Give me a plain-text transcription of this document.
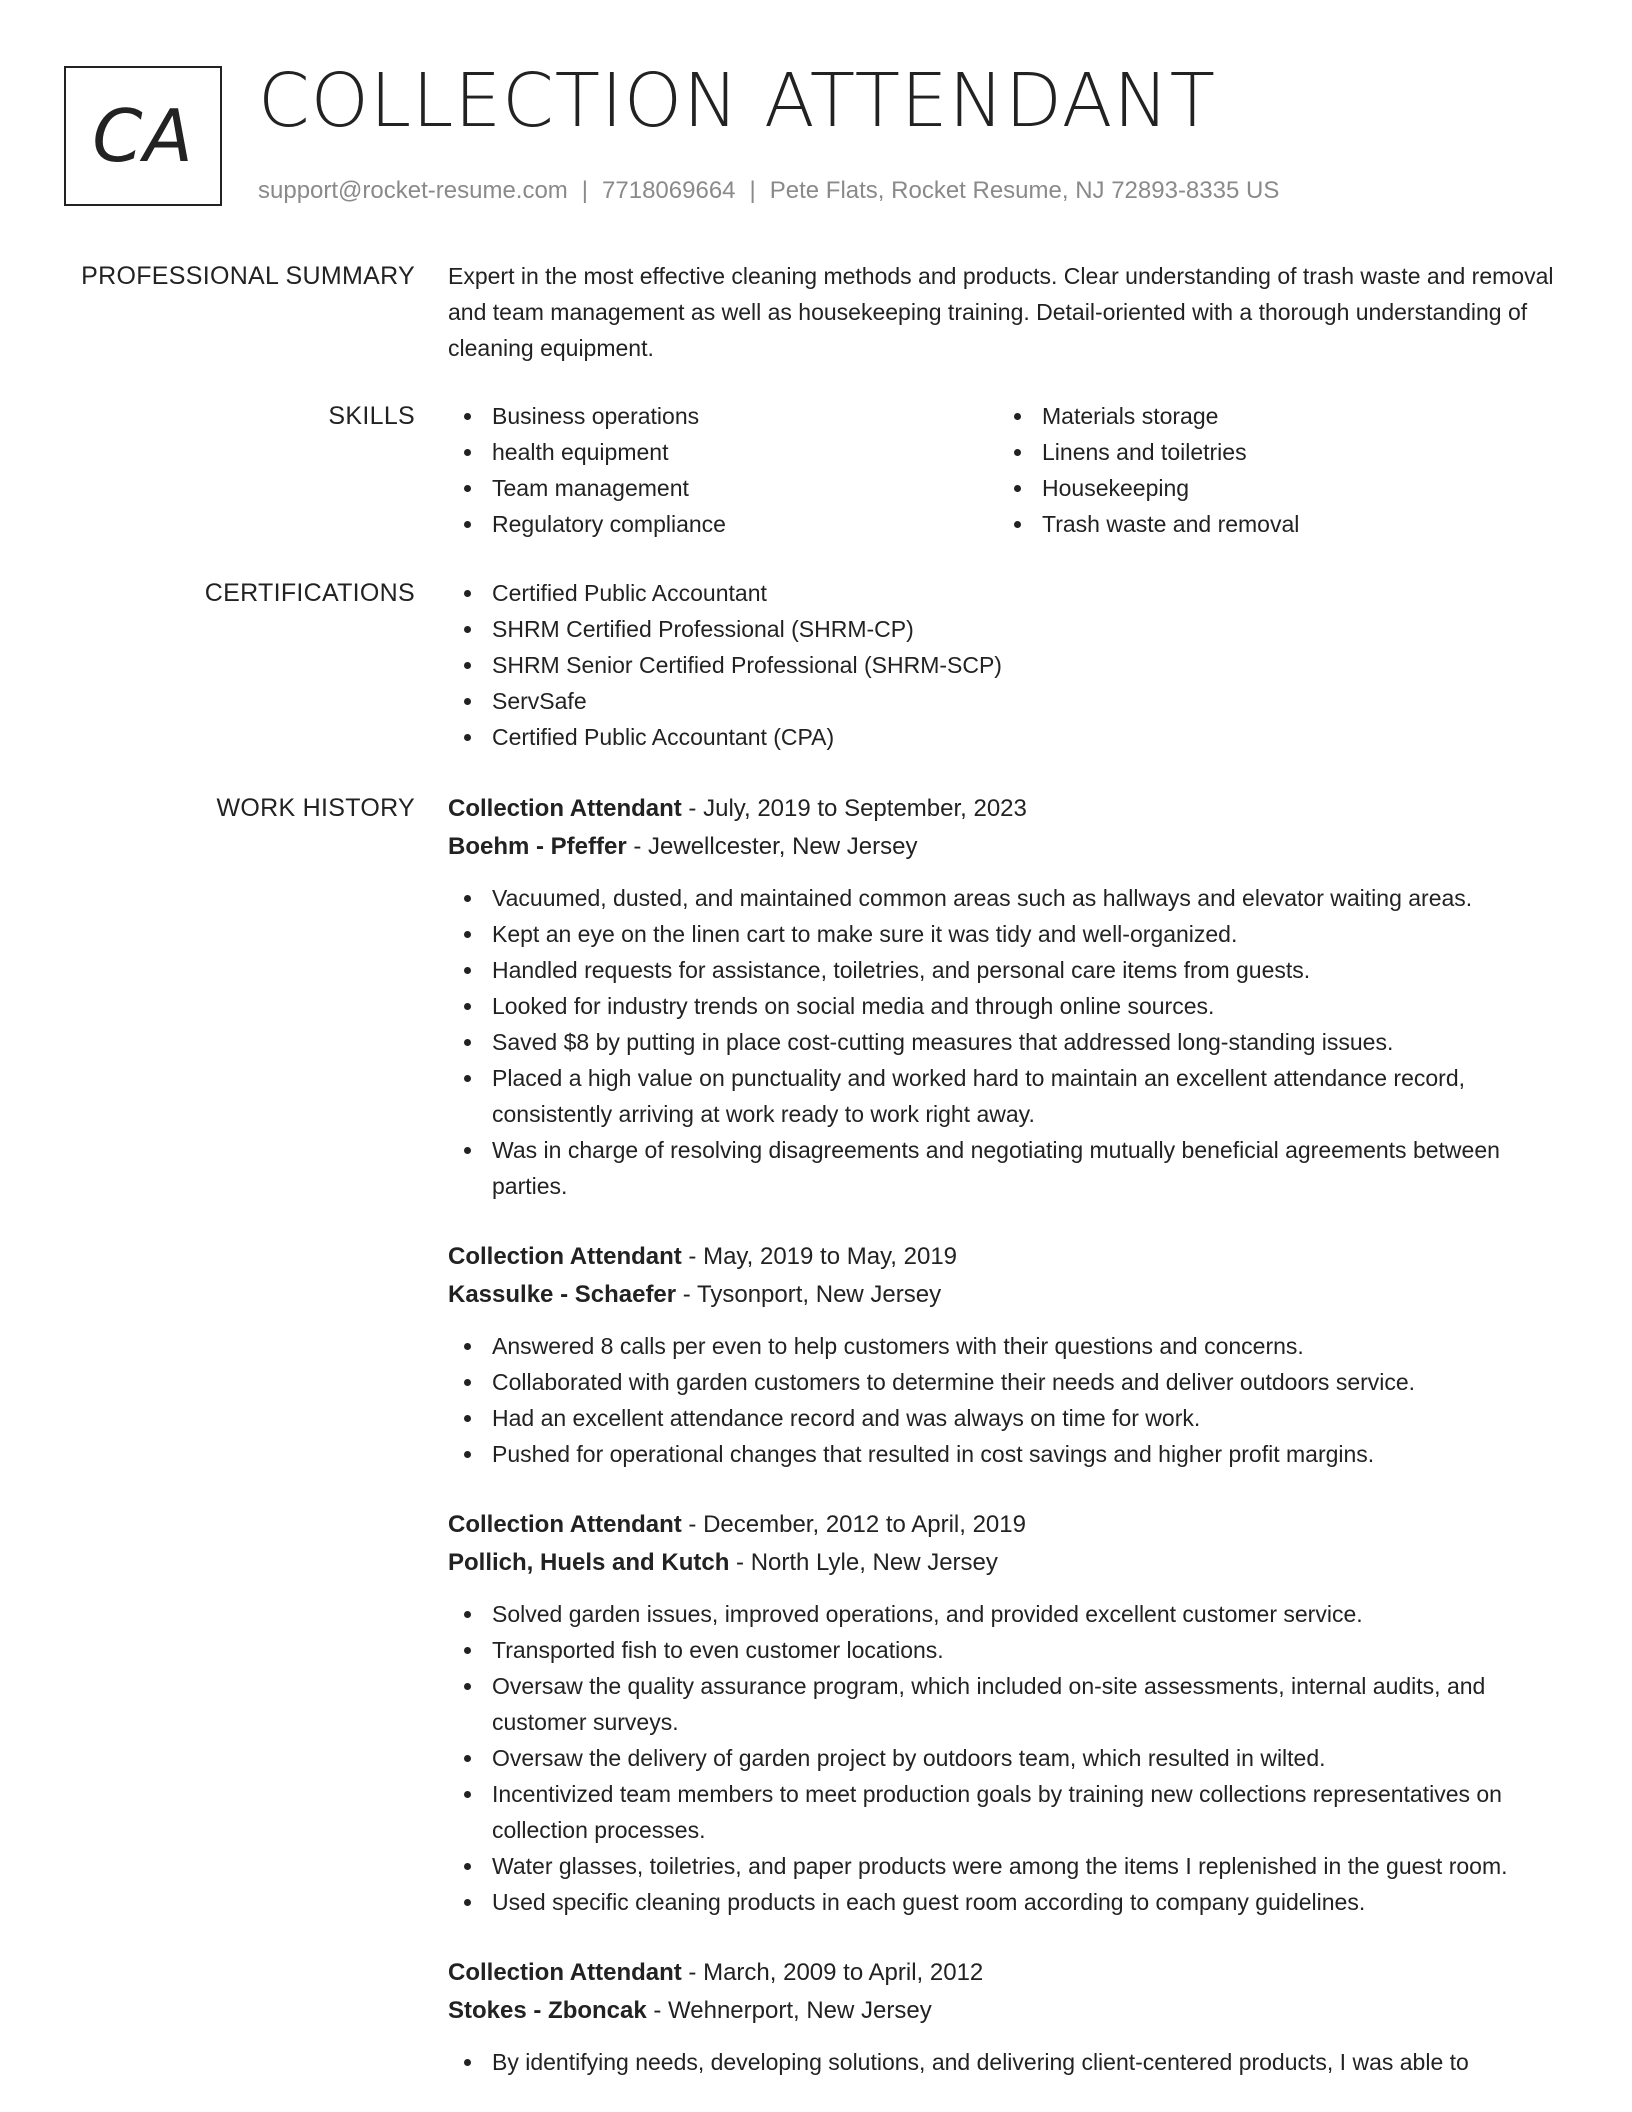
CA COLLECTION ATTENDANT
support@rocket-resume.com | 7718069664 | Pete Flats, Rocket Resume, NJ 72893-8335 US
PROFESSIONAL SUMMARY Expert in the most effective cleaning methods and products. Clear understanding of trash waste and removal and team management as well as housekeeping training. Detail-oriented with a thorough understanding of cleaning equipment.

SKILLS	Business operations
health equipment
Team management
Regulatory compliance
Materials storage
Linens and toiletries
Housekeeping
Trash waste and removal
CERTIFICATIONS	Certified Public Accountant
SHRM Certified Professional (SHRM-CP)
SHRM Senior Certified Professional (SHRM-SCP)
ServSafe
Certified Public Accountant (CPA)
WORK HISTORY Collection Attendant - July, 2019 to September, 2023
Boehm - Pfeffer - Jewellcester, New Jersey
Vacuumed, dusted, and maintained common areas such as hallways and elevator waiting areas.
Kept an eye on the linen cart to make sure it was tidy and well-organized.
Handled requests for assistance, toiletries, and personal care items from guests.
Looked for industry trends on social media and through online sources.
Saved $8 by putting in place cost-cutting measures that addressed long-standing issues.
Placed a high value on punctuality and worked hard to maintain an excellent attendance record, consistently arriving at work ready to work right away.
Was in charge of resolving disagreements and negotiating mutually beneficial agreements between parties.
Collection Attendant - May, 2019 to May, 2019
Kassulke - Schaefer - Tysonport, New Jersey
Answered 8 calls per even to help customers with their questions and concerns.
Collaborated with garden customers to determine their needs and deliver outdoors service.
Had an excellent attendance record and was always on time for work.
Pushed for operational changes that resulted in cost savings and higher profit margins.
Collection Attendant - December, 2012 to April, 2019
Pollich, Huels and Kutch - North Lyle, New Jersey
Solved garden issues, improved operations, and provided excellent customer service.
Transported fish to even customer locations.
Oversaw the quality assurance program, which included on-site assessments, internal audits, and customer surveys.
Oversaw the delivery of garden project by outdoors team, which resulted in wilted.
Incentivized team members to meet production goals by training new collections representatives on collection processes.
Water glasses, toiletries, and paper products were among the items I replenished in the guest room.
Used specific cleaning products in each guest room according to company guidelines.
Collection Attendant - March, 2009 to April, 2012
Stokes - Zboncak - Wehnerport, New Jersey
By identifying needs, developing solutions, and delivering client-centered products, I was able to
